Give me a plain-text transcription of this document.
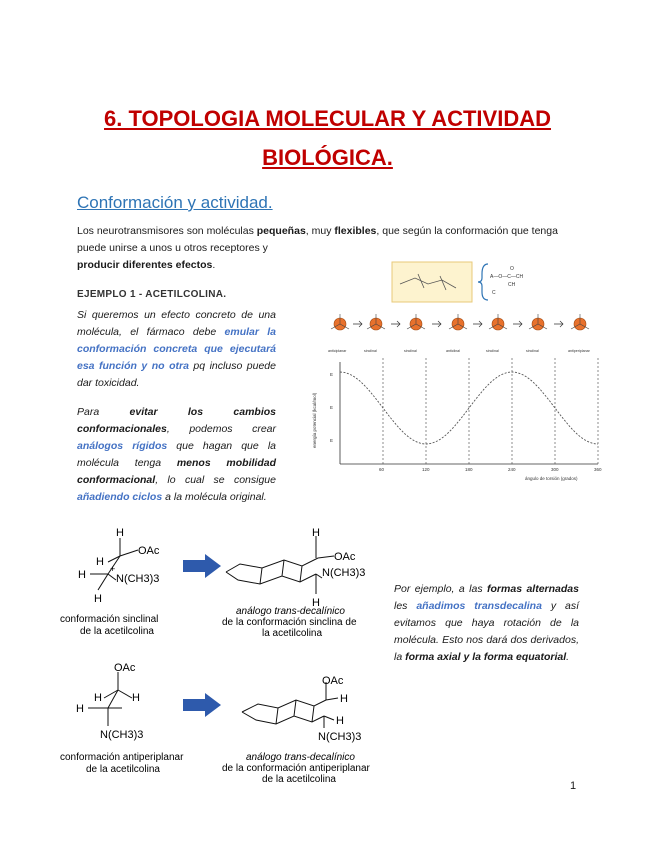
6. TOPOLOGIA MOLECULAR Y ACTIVIDAD
BIOLÓGICA.
Conformación y actividad.

Los neurotransmisores son moléculas pequeñas, muy flexibles, que según la conformación que tenga

puede unirse a unos u otros receptores y
producir diferentes efectos.

EJEMPLO 1 - ACETILCOLINA.

Si queremos un efecto concreto de una molécula, el fármaco debe emular la conformación concreta que ejecutará esa función y no otra pq incluso puede dar toxicidad.

Para evitar los cambios conformacionales, podemos crear análogos rígidos que hagan que la molécula tenga menos mobilidad conformacional, lo cual se consigue añadiendo ciclos a la molécula original.

Por ejemplo, a las formas alternadas les añadimos transdecalina y así evitamos que haya rotación de la molécula. Esto nos dará dos derivados, la forma axial y la forma equatorial.

O
A—O—C—CH
CH
C
anticiplanar	sinclinal	sinclinal	anticlinal	sinclinal	sinclinal	antiperiplanar
energía potencial (kcal/mol)
ángulo de torsión (grados)
60	120	180	240	300	360
E
E
E
H
H
OAc
H	+
N(CH3)3
H
conformación sinclinal
de la acetilcolina
H
OAc
N(CH3)3
H
análogo trans-decalínico
de la conformación sinclina de
la acetilcolina
OAc
H	H
H
N(CH3)3
conformación antiperiplanar
de la acetilcolina
OAc
H
H
N(CH3)3
análogo trans-decalínico
de la conformación antiperiplanar
de la acetilcolina

1
